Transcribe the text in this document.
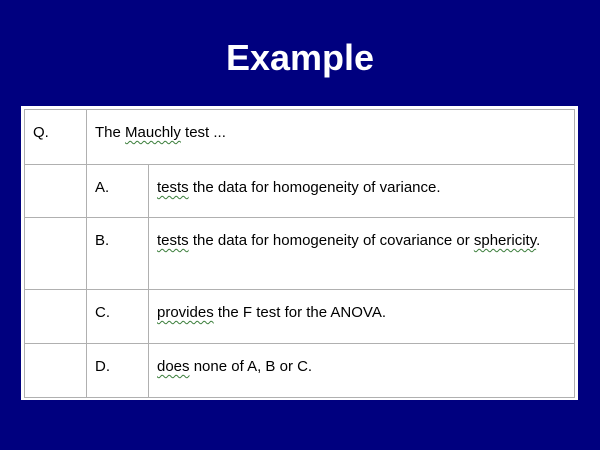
Example
Q.	The Mauchly test ...	
	A.	tests the data for homogeneity of variance.
	B.	tests the data for homogeneity of covariance or sphericity.
	C.	provides the F test for the ANOVA.
	D.	does none of A, B or C.
